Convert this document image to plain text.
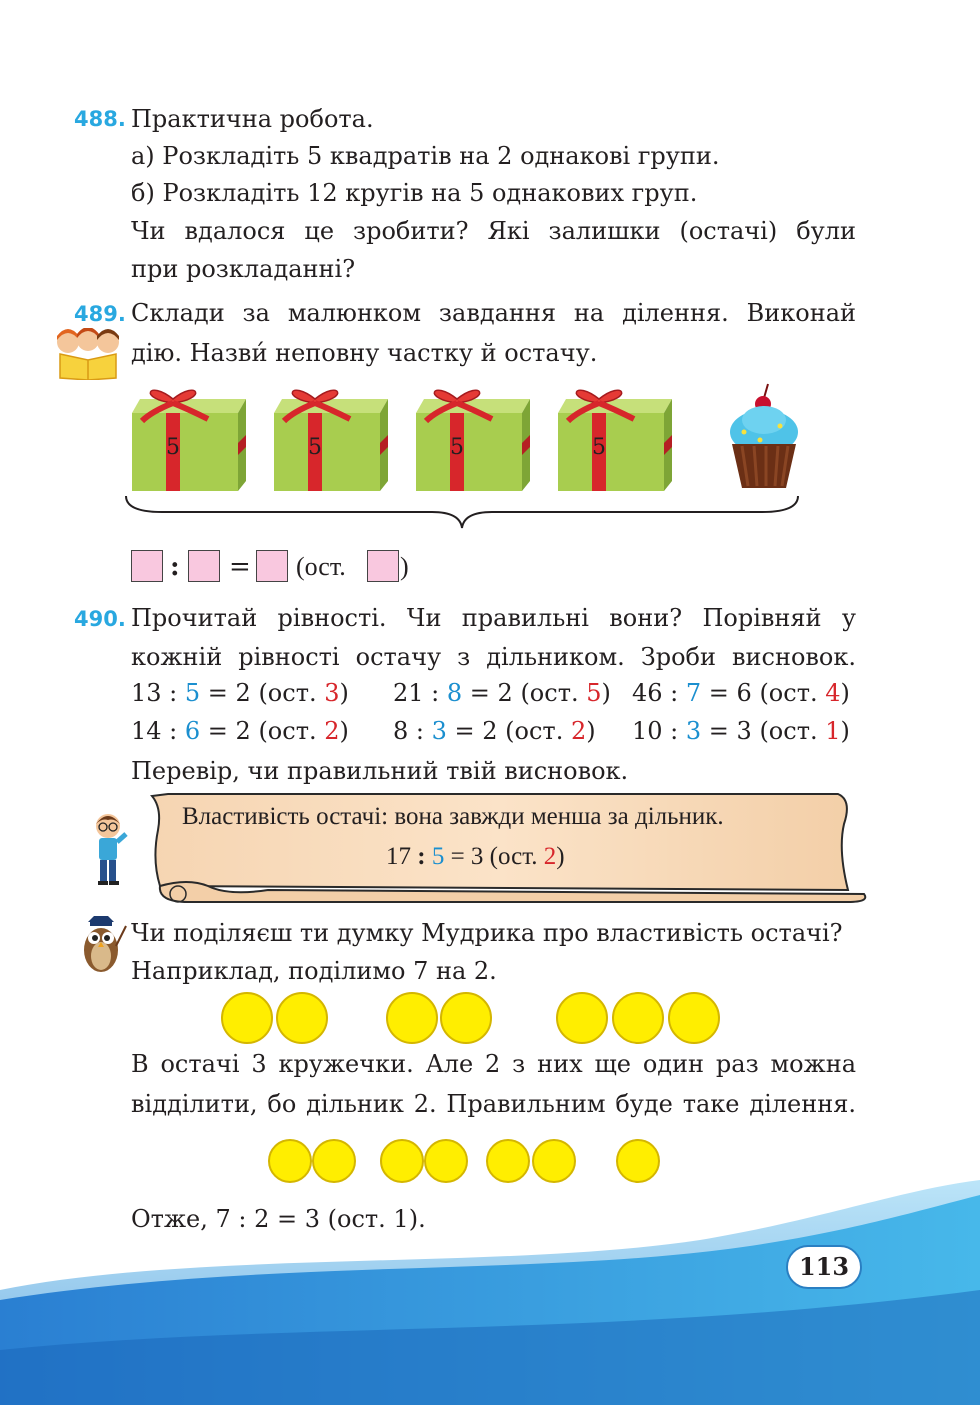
488. Практична робота.
а) Розкладіть 5 квадратів на 2 однакові групи.
б) Розкладіть 12 кругів на 5 однакових груп.
Чи вдалося це зробити? Які залишки (остачі) були
при розкладанні?
489. Склади за малюнком завдання на ділення. Виконай
дію. Назви́ неповну частку й остачу.
5	5	5	5
: = (ост. )
490. Прочитай рівності. Чи правильні вони? Порівняй у
кожній рівності остачу з дільником. Зроби висновок.
13 : 5 = 2 (ост. 3) 21 : 8 = 2 (ост. 5) 46 : 7 = 6 (ост. 4)
14 : 6 = 2 (ост. 2) 8 : 3 = 2 (ост. 2) 10 : 3 = 3 (ост. 1)
Перевір, чи правильний твій висновок.
Властивість остачі: вона завжди менша за дільник.
17 : 5 = 3 (ост. 2)
Чи поділяєш ти думку Мудрика про властивість остачі?
Наприклад, поділимо 7 на 2.
В остачі 3 кружечки. Але 2 з них ще один раз можна
відділити, бо дільник 2. Правильним буде таке ділення.
Отже, 7 : 2 = 3 (ост. 1).
113
